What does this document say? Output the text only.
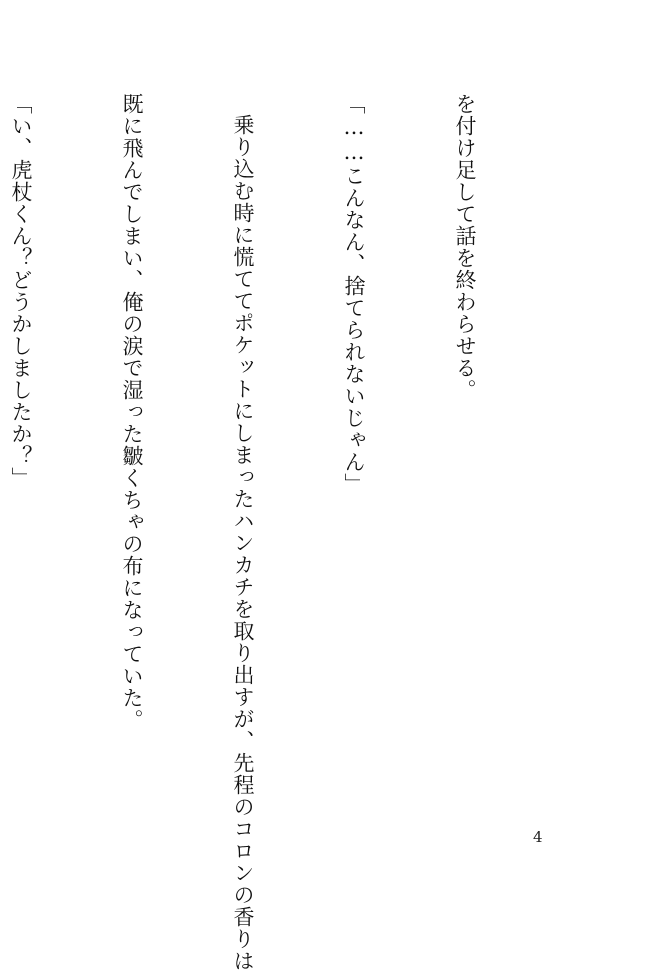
を付け足して話を終わらせる。

「……こんなん、捨てられないじゃん」

乗り込む時に慌ててポケットにしまったハンカチを取り出すが、先程のコロンの香りは

既に飛んでしまい、俺の涙で湿った皺くちゃの布になっていた。

「い、虎杖くん？どうかしましたか？」

4
